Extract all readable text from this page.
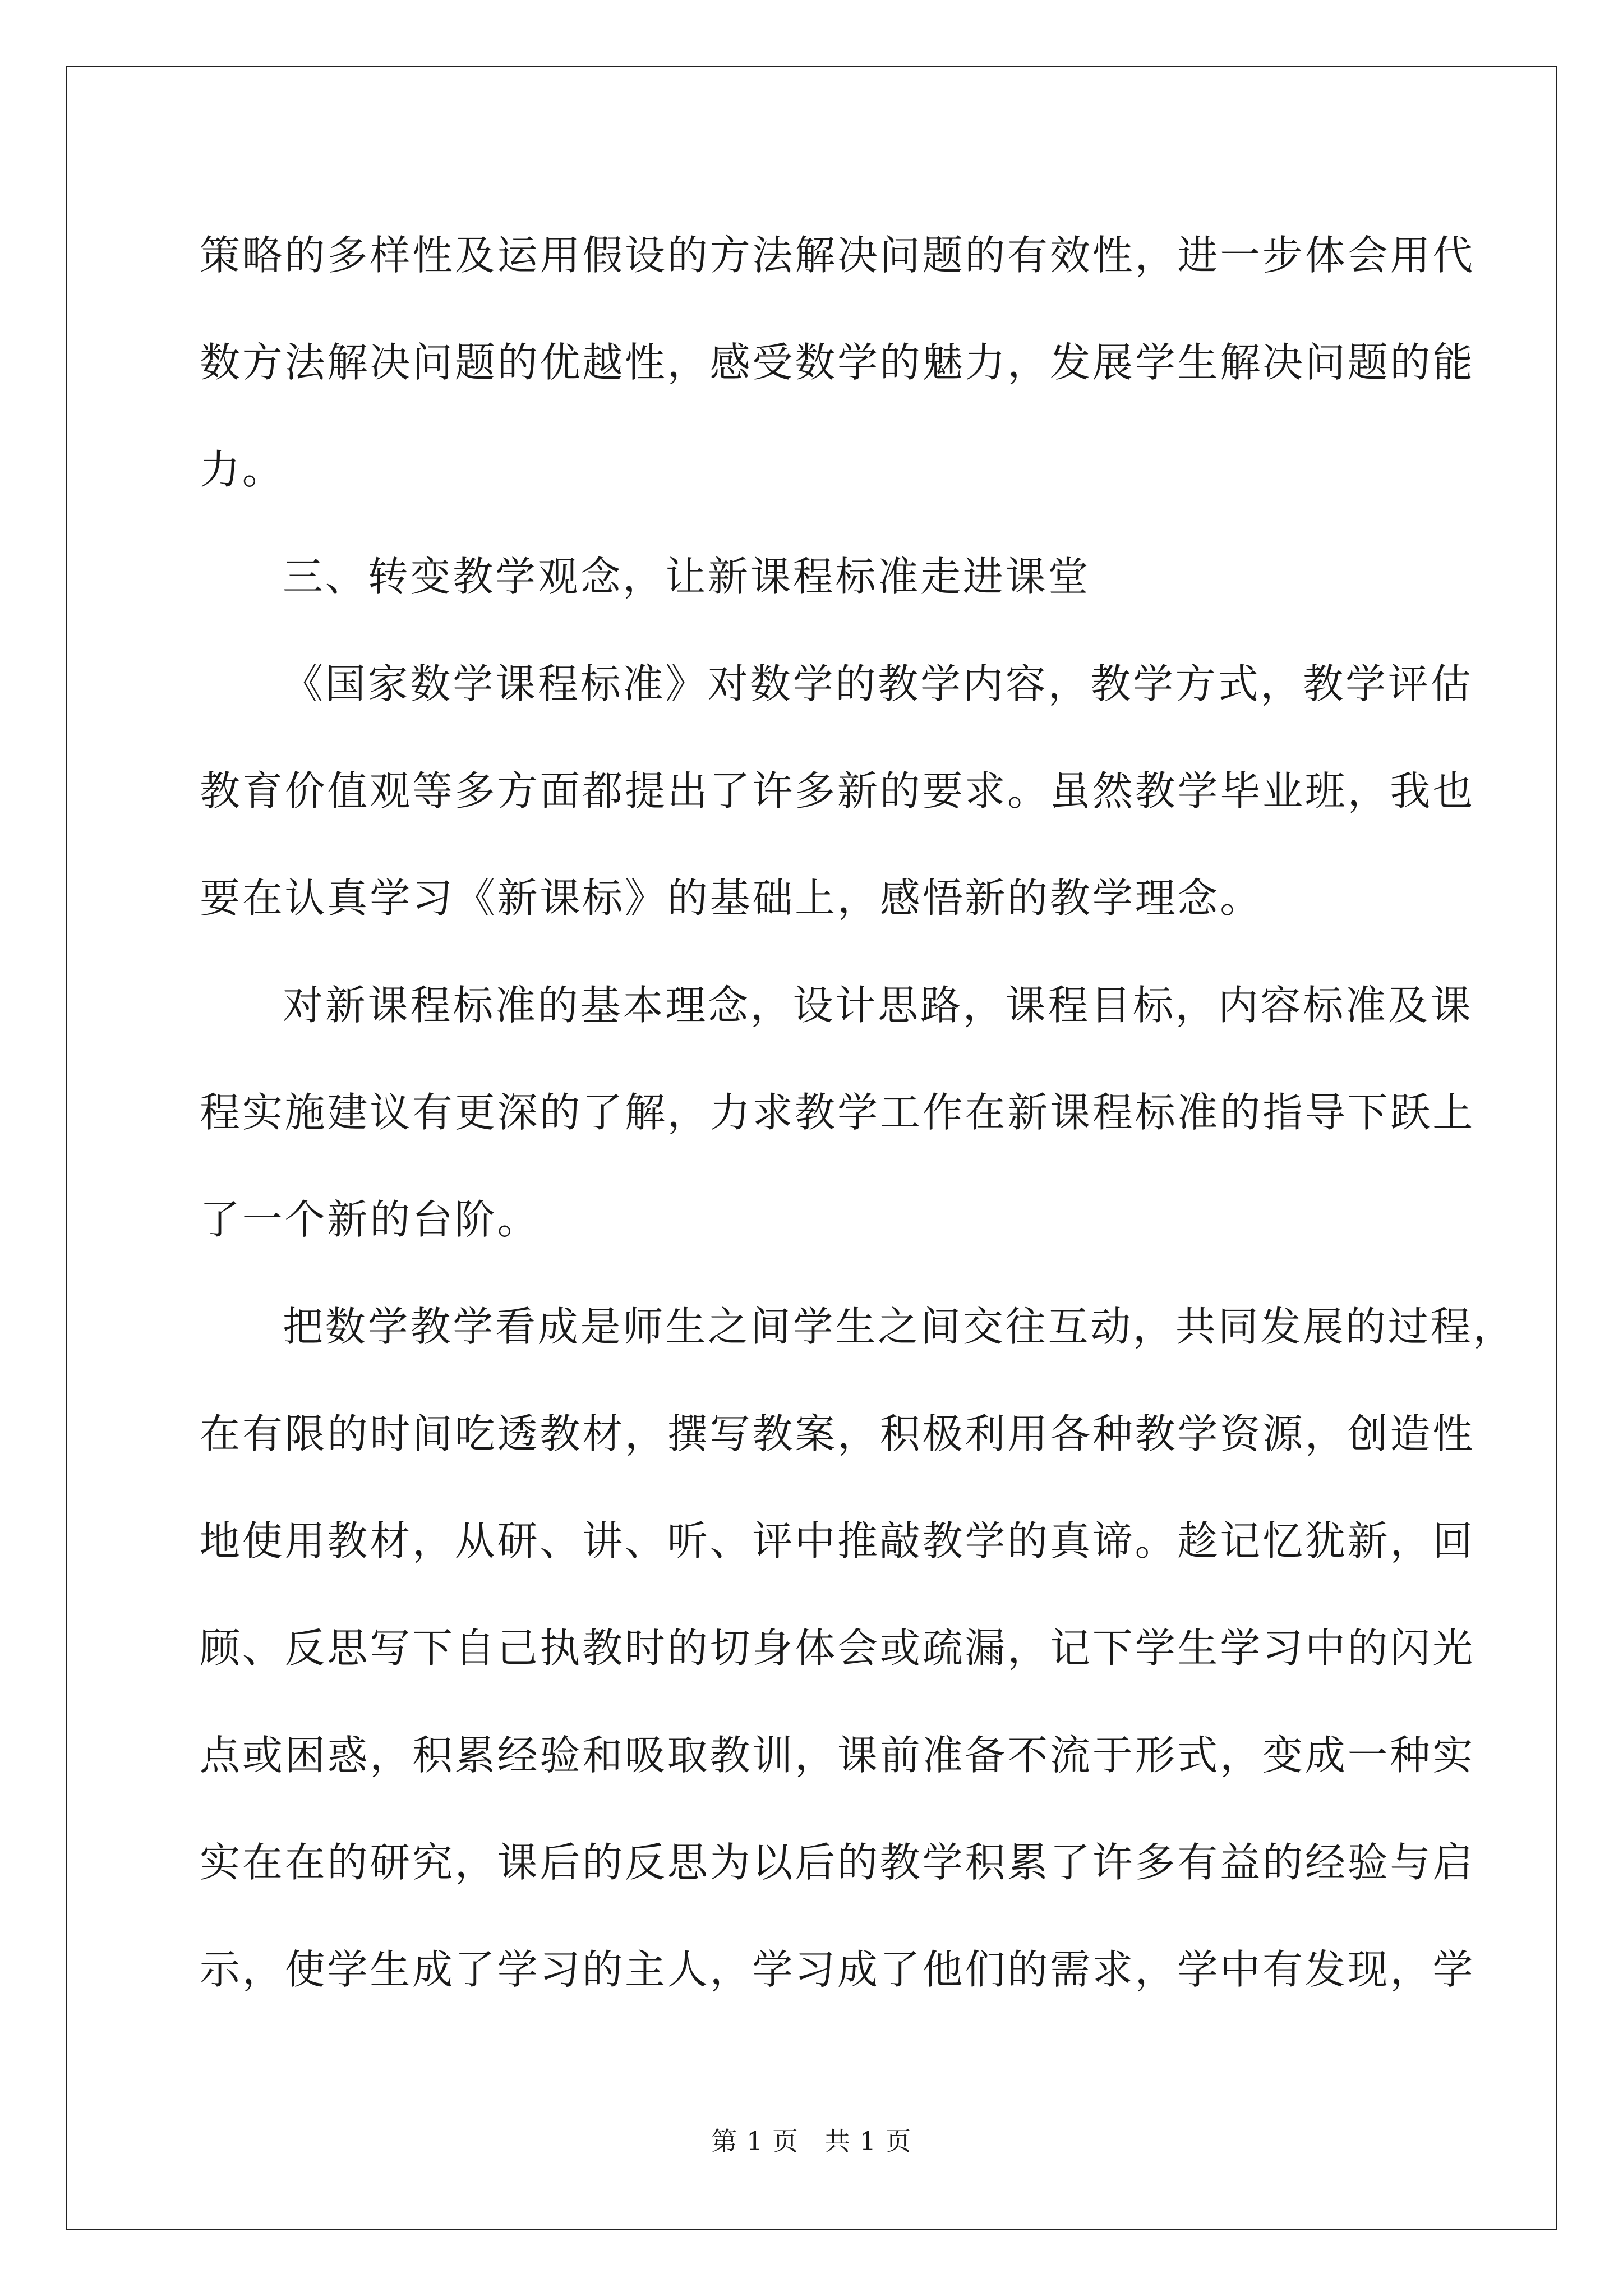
策略的多样性及运用假设的方法解决问题的有效性，进一步体会用代
数方法解决问题的优越性，感受数学的魅力，发展学生解决问题的能
力。
三、转变教学观念，让新课程标准走进课堂
《国家数学课程标准》对数学的教学内容，教学方式，教学评估
教育价值观等多方面都提出了许多新的要求。虽然教学毕业班，我也
要在认真学习《新课标》的基础上，感悟新的教学理念。
对新课程标准的基本理念，设计思路，课程目标，内容标准及课
程实施建议有更深的了解，力求教学工作在新课程标准的指导下跃上
了一个新的台阶。
把数学教学看成是师生之间学生之间交往互动，共同发展的过程，
在有限的时间吃透教材，撰写教案，积极利用各种教学资源，创造性
地使用教材，从研、讲、听、评中推敲教学的真谛。趁记忆犹新，回
顾、反思写下自己执教时的切身体会或疏漏，记下学生学习中的闪光
点或困惑，积累经验和吸取教训，课前准备不流于形式，变成一种实
实在在的研究，课后的反思为以后的教学积累了许多有益的经验与启
示，使学生成了学习的主人，学习成了他们的需求，学中有发现，学
第 1 页 共 1 页
